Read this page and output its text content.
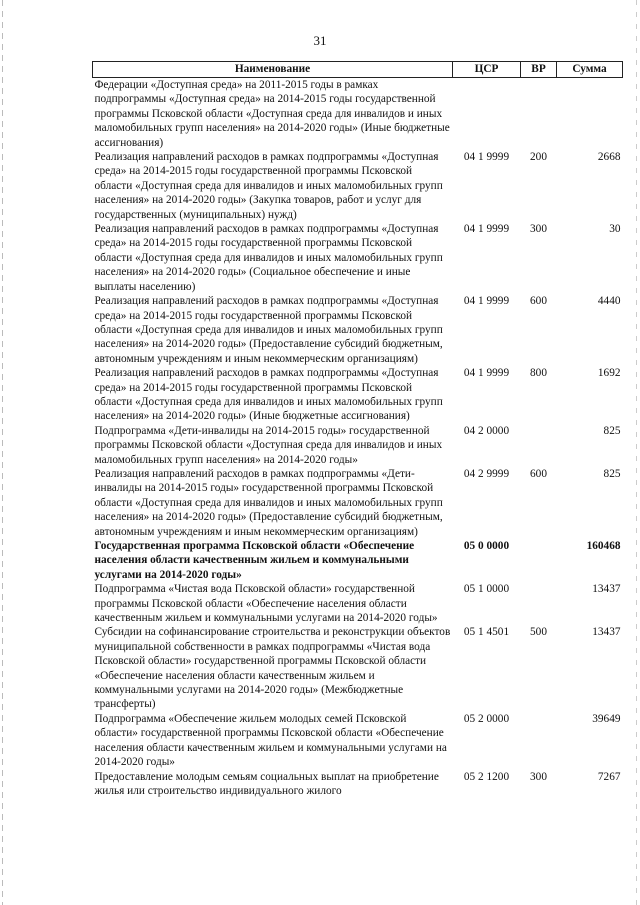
31
Наименование	ЦСР	ВР	Сумма
Федерации «Доступная среда» на 2011-2015 годы в рамках подпрограммы «Доступная среда» на 2014-2015 годы государственной программы Псковской области «Доступная среда для инвалидов и иных маломобильных групп населения» на 2014-2020 годы» (Иные бюджетные ассигнования)			
Реализация направлений расходов в рамках подпрограммы «Доступная среда» на 2014-2015 годы государственной программы Псковской области «Доступная среда для инвалидов и иных маломобильных групп населения» на 2014-2020 годы» (Закупка товаров, работ и услуг для государственных (муниципальных) нужд)	04 1 9999	200	2668
Реализация направлений расходов в рамках подпрограммы «Доступная среда» на 2014-2015 годы государственной программы Псковской области «Доступная среда для инвалидов и иных маломобильных групп населения» на 2014-2020 годы» (Социальное обеспечение и иные выплаты населению)	04 1 9999	300	30
Реализация направлений расходов в рамках подпрограммы «Доступная среда» на 2014-2015 годы государственной программы Псковской области «Доступная среда для инвалидов и иных маломобильных групп населения» на 2014-2020 годы» (Предоставление субсидий бюджетным, автономным учреждениям и иным некоммерческим организациям)	04 1 9999	600	4440
Реализация направлений расходов в рамках подпрограммы «Доступная среда» на 2014-2015 годы государственной программы Псковской области «Доступная среда для инвалидов и иных маломобильных групп населения» на 2014-2020 годы» (Иные бюджетные ассигнования)	04 1 9999	800	1692
Подпрограмма «Дети-инвалиды на 2014-2015 годы» государственной программы Псковской области «Доступная среда для инвалидов и иных маломобильных групп населения» на 2014-2020 годы»	04 2 0000		825
Реализация направлений расходов в рамках подпрограммы «Дети-инвалиды на 2014-2015 годы» государственной программы Псковской области «Доступная среда для инвалидов и иных маломобильных групп населения» на 2014-2020 годы» (Предоставление субсидий бюджетным, автономным учреждениям и иным некоммерческим организациям)	04 2 9999	600	825
Государственная программа Псковской области «Обеспечение населения области качественным жильем и коммунальными услугами на 2014-2020 годы»	05 0 0000		160468
Подпрограмма «Чистая вода Псковской области» государственной программы Псковской области «Обеспечение населения области качественным жильем и коммунальными услугами на 2014-2020 годы»	05 1 0000		13437
Субсидии на софинансирование строительства и реконструкции объектов муниципальной собственности в рамках подпрограммы «Чистая вода Псковской области» государственной программы Псковской области «Обеспечение населения области качественным жильем и коммунальными услугами на 2014-2020 годы» (Межбюджетные трансферты)	05 1 4501	500	13437
Подпрограмма «Обеспечение жильем молодых семей Псковской области» государственной программы Псковской области «Обеспечение населения области качественным жильем и коммунальными услугами на 2014-2020 годы»	05 2 0000		39649
Предоставление молодым семьям социальных выплат на приобретение жилья или строительство индивидуального жилого	05 2 1200	300	7267
